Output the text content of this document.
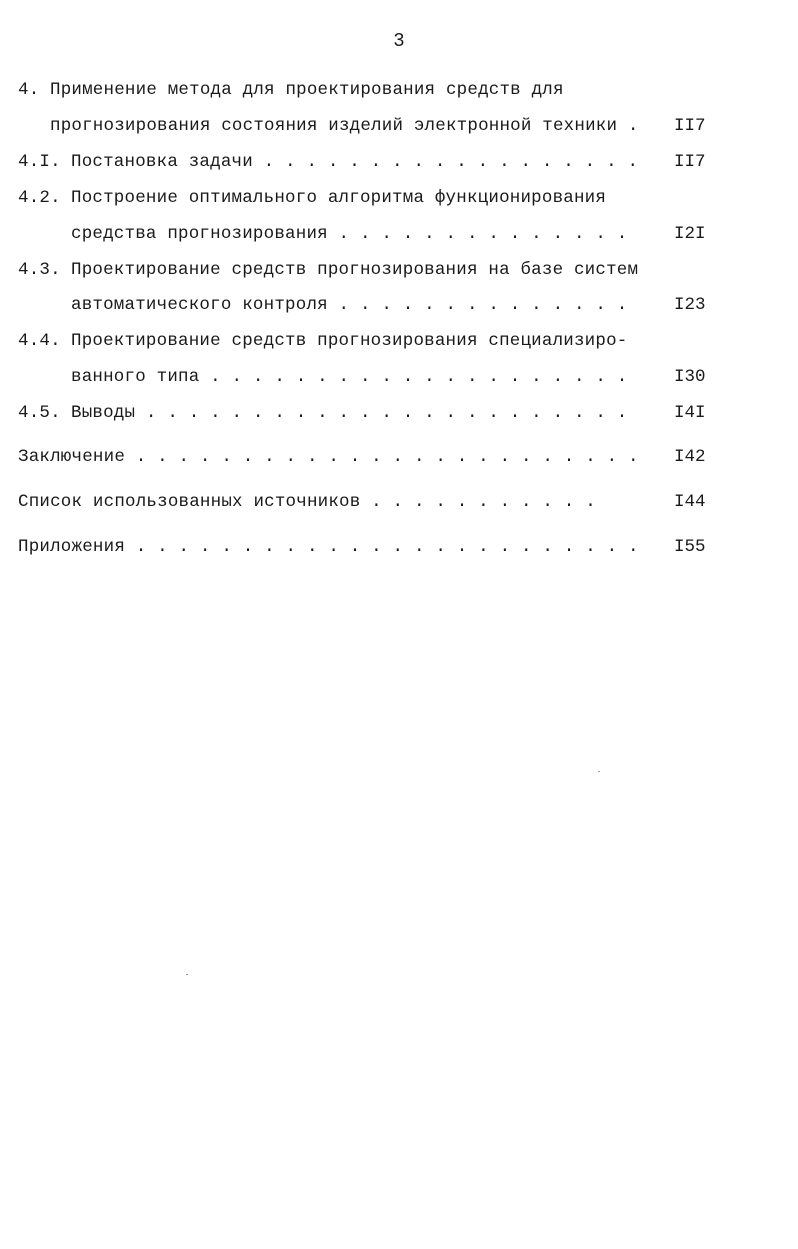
3
4. Применение метода для проектирования средств для
прогнозирования состояния изделий электронной техники . II7
4.I. Постановка задачи . . . . . . . . . . . . . . . . . . II7
4.2. Построение оптимального алгоритма функционирования
средства прогнозирования . . . . . . . . . . . . . .	I2I
4.3. Проектирование средств прогнозирования на базе систем
автоматического контроля . . . . . . . . . . . . . .	I23
4.4. Проектирование средств прогнозирования специализиро-
ванного типа . . . . . . . . . . . . . . . . . . . .	I30
4.5. Выводы . . . . . . . . . . . . . . . . . . . . . . .	I4I
Заключение . . . . . . . . . . . . . . . . . . . . . . . . I42
Список использованных источников . . . . . . . . . . .	I44
Приложения . . . . . . . . . . . . . . . . . . . . . . . . I55
